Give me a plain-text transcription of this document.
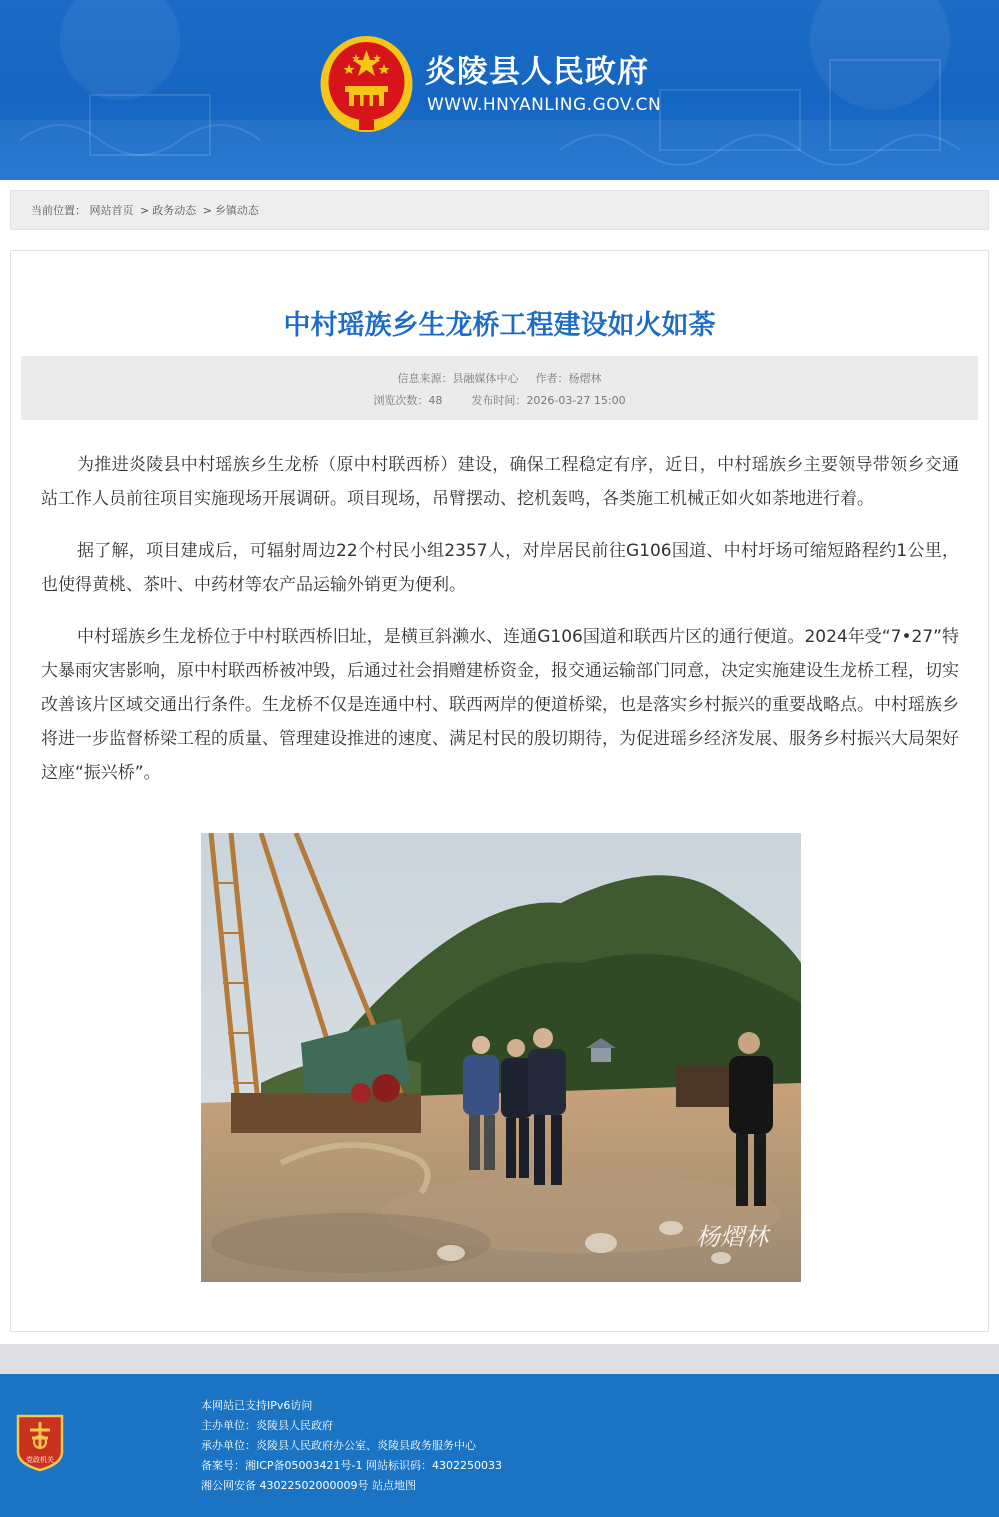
炎陵县人民政府
WWW.HNYANLING.GOV.CN
当前位置： 网站首页 > 政务动态 > 乡镇动态
中村瑶族乡生龙桥工程建设如火如荼
信息来源：县融媒体中心 作者：杨熠林
浏览次数：48	发布时间：2026-03-27 15:00

为推进炎陵县中村瑶族乡生龙桥（原中村联西桥）建设，确保工程稳定有序，近日，中村瑶族乡主要领导带领乡交通站工作人员前往项目实施现场开展调研。项目现场，吊臂摆动、挖机轰鸣，各类施工机械正如火如荼地进行着。

据了解，项目建成后，可辐射周边22个村民小组2357人，对岸居民前往G106国道、中村圩场可缩短路程约1公里，也使得黄桃、茶叶、中药材等农产品运输外销更为便利。

中村瑶族乡生龙桥位于中村联西桥旧址，是横亘斜濑水、连通G106国道和联西片区的通行便道。2024年受“7•27”特大暴雨灾害影响，原中村联西桥被冲毁，后通过社会捐赠建桥资金，报交通运输部门同意，决定实施建设生龙桥工程，切实改善该片区域交通出行条件。生龙桥不仅是连通中村、联西两岸的便道桥梁，也是落实乡村振兴的重要战略点。中村瑶族乡将进一步监督桥梁工程的质量、管理建设推进的速度、满足村民的殷切期待，为促进瑶乡经济发展、服务乡村振兴大局架好这座“振兴桥”。

杨熠林
党政机关
本网站已支持IPv6访问
主办单位：炎陵县人民政府
承办单位：炎陵县人民政府办公室、炎陵县政务服务中心
备案号：湘ICP备05003421号-1 网站标识码：4302250033
湘公网安备 43022502000009号 站点地图
